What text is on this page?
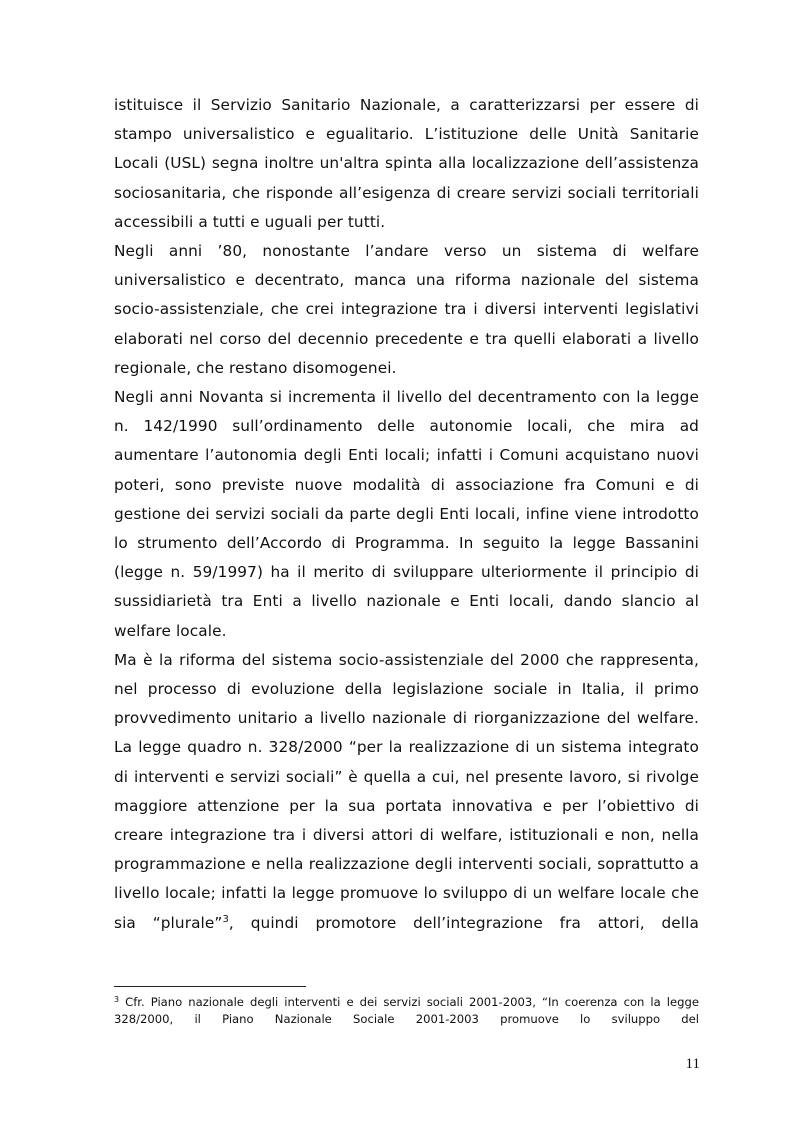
istituisce il Servizio Sanitario Nazionale, a caratterizzarsi per essere di stampo universalistico e egualitario. L’istituzione delle Unità Sanitarie Locali (USL) segna inoltre un'altra spinta alla localizzazione dell’assistenza sociosanitaria, che risponde all’esigenza di creare servizi sociali territoriali accessibili a tutti e uguali per tutti.

Negli anni ’80, nonostante l’andare verso un sistema di welfare universalistico e decentrato, manca una riforma nazionale del sistema socio-assistenziale, che crei integrazione tra i diversi interventi legislativi elaborati nel corso del decennio precedente e tra quelli elaborati a livello regionale, che restano disomogenei.

Negli anni Novanta si incrementa il livello del decentramento con la legge n. 142/1990 sull’ordinamento delle autonomie locali, che mira ad aumentare l’autonomia degli Enti locali; infatti i Comuni acquistano nuovi poteri, sono previste nuove modalità di associazione fra Comuni e di gestione dei servizi sociali da parte degli Enti locali, infine viene introdotto lo strumento dell’Accordo di Programma. In seguito la legge Bassanini (legge n. 59/1997) ha il merito di sviluppare ulteriormente il principio di sussidiarietà tra Enti a livello nazionale e Enti locali, dando slancio al welfare locale.

Ma è la riforma del sistema socio-assistenziale del 2000 che rappresenta, nel processo di evoluzione della legislazione sociale in Italia, il primo provvedimento unitario a livello nazionale di riorganizzazione del welfare. La legge quadro n. 328/2000 “per la realizzazione di un sistema integrato di interventi e servizi sociali” è quella a cui, nel presente lavoro, si rivolge maggiore attenzione per la sua portata innovativa e per l’obiettivo di creare integrazione tra i diversi attori di welfare, istituzionali e non, nella programmazione e nella realizzazione degli interventi sociali, soprattutto a livello locale; infatti la legge promuove lo sviluppo di un welfare locale che sia “plurale”$^3$, quindi promotore dell’integrazione fra attori, della

$^3$ Cfr. Piano nazionale degli interventi e dei servizi sociali 2001-2003, “In coerenza con la legge 328/2000, il Piano Nazionale Sociale 2001-2003 promuove lo sviluppo del
11
